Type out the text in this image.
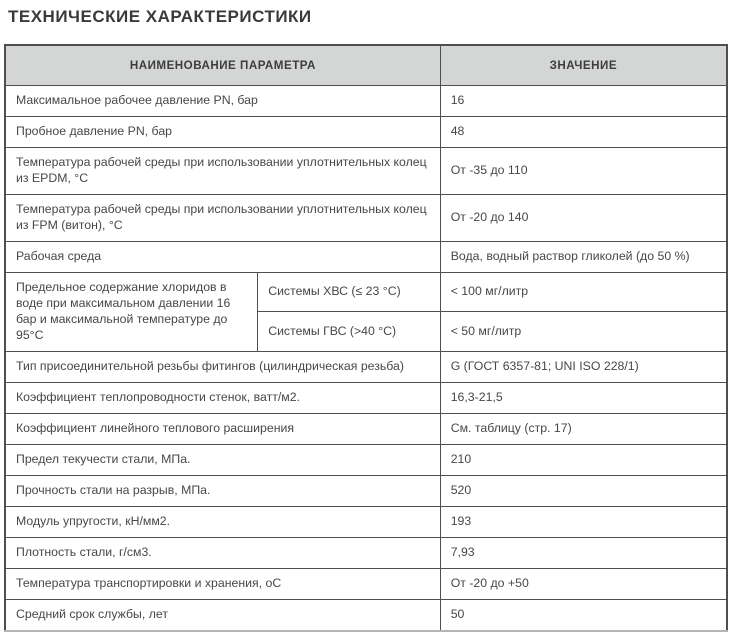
ТЕХНИЧЕСКИЕ ХАРАКТЕРИСТИКИ
НАИМЕНОВАНИЕ ПАРАМЕТРА		ЗНАЧЕНИЕ
Максимальное рабочее давление PN, бар		16
Пробное давление PN, бар		48
Температура рабочей среды при использовании уплотнительных колец из EPDM, °С		От -35 до 110
Температура рабочей среды при использовании уплотнительных колец из FPM (витон), °С		От -20 до 140
Рабочая среда		Вода, водный раствор гликолей (до 50 %)
Предельное содержание хлоридов в воде при максимальном давлении 16 бар и максимальной температуре до 95°С	Системы ХВС (≤ 23 °С)	< 100 мг/литр
	Системы ГВС (>40 °С)	< 50 мг/литр
Тип присоединительной резьбы фитингов (цилиндрическая резьба)		G (ГОСТ 6357-81; UNI ISO 228/1)
Коэффициент теплопроводности стенок, ватт/м2.		16,3-21,5
Коэффициент линейного теплового расширения		См. таблицу (стр. 17)
Предел текучести стали, МПа.		210
Прочность стали на разрыв, МПа.		520
Модуль упругости, кН/мм2.		193
Плотность стали, г/см3.		7,93
Температура транспортировки и хранения, оС		От -20 до +50
Средний срок службы, лет		50
